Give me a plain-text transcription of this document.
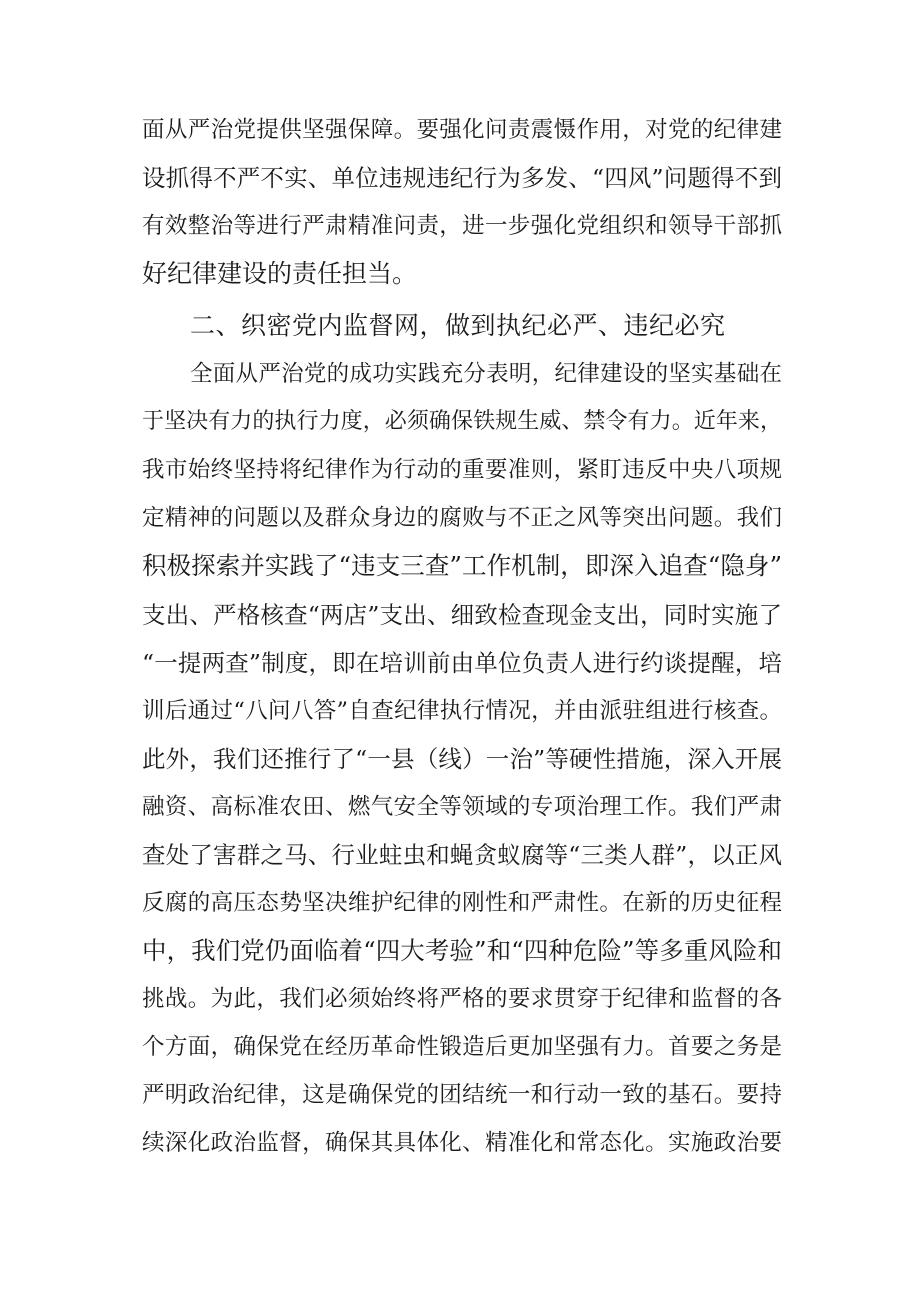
面从严治党提供坚强保障。要强化问责震慑作用，对党的纪律建
设抓得不严不实、单位违规违纪行为多发、“四风”问题得不到
有效整治等进行严肃精准问责，进一步强化党组织和领导干部抓
好纪律建设的责任担当。
二、织密党内监督网，做到执纪必严、违纪必究
全面从严治党的成功实践充分表明，纪律建设的坚实基础在
于坚决有力的执行力度，必须确保铁规生威、禁令有力。近年来，
我市始终坚持将纪律作为行动的重要准则，紧盯违反中央八项规
定精神的问题以及群众身边的腐败与不正之风等突出问题。我们
积极探索并实践了“违支三查”工作机制，即深入追查“隐身”
支出、严格核查“两店”支出、细致检查现金支出，同时实施了
“一提两查”制度，即在培训前由单位负责人进行约谈提醒，培
训后通过“八问八答”自查纪律执行情况，并由派驻组进行核查。
此外，我们还推行了“一县（线）一治”等硬性措施，深入开展
融资、高标准农田、燃气安全等领域的专项治理工作。我们严肃
查处了害群之马、行业蛀虫和蝇贪蚁腐等“三类人群”，以正风
反腐的高压态势坚决维护纪律的刚性和严肃性。在新的历史征程
中，我们党仍面临着“四大考验”和“四种危险”等多重风险和
挑战。为此，我们必须始终将严格的要求贯穿于纪律和监督的各
个方面，确保党在经历革命性锻造后更加坚强有力。首要之务是
严明政治纪律，这是确保党的团结统一和行动一致的基石。要持
续深化政治监督，确保其具体化、精准化和常态化。实施政治要
